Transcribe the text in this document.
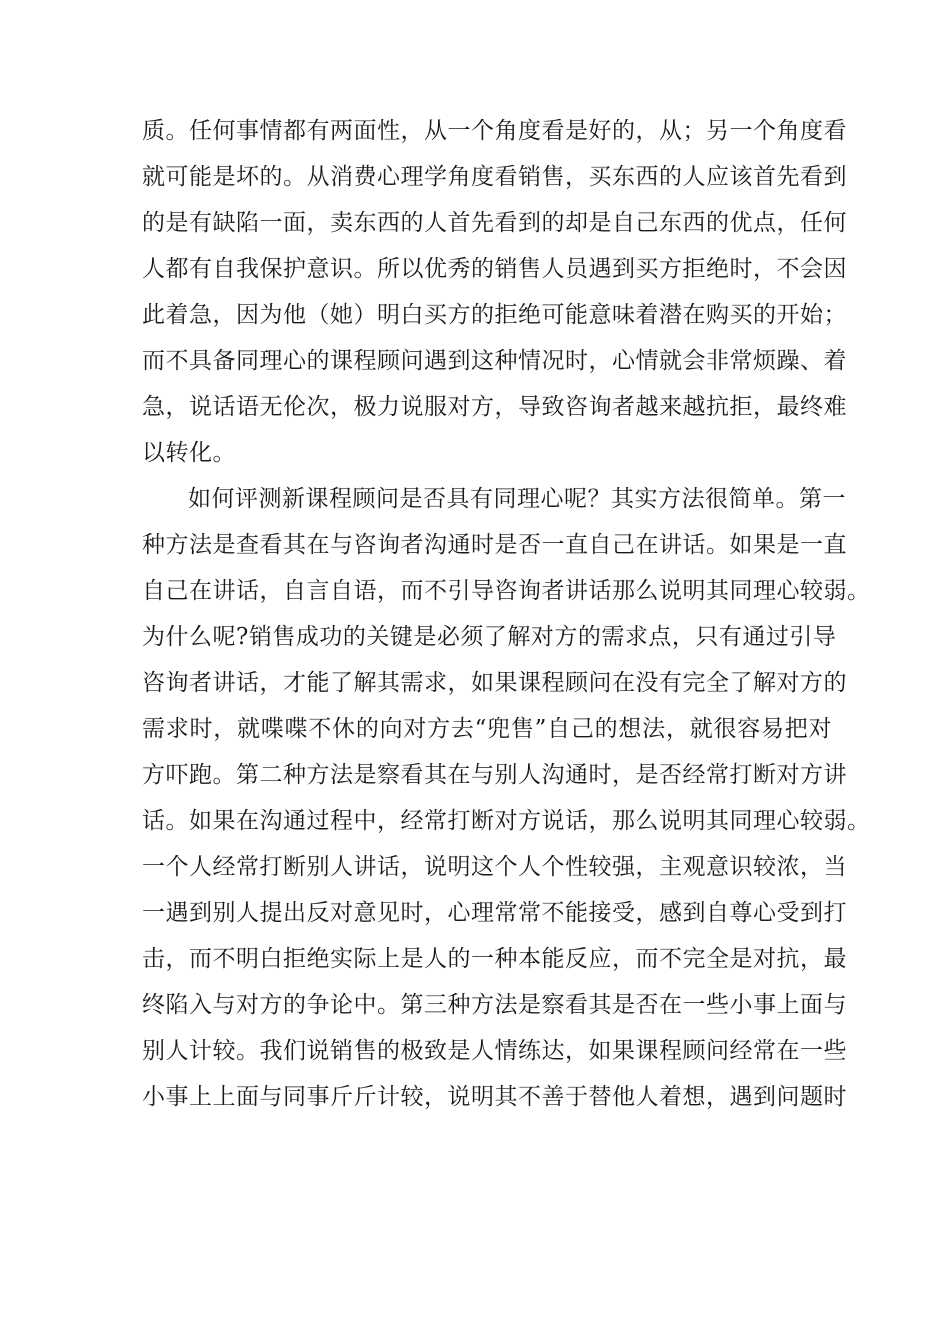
质。任何事情都有两面性，从一个角度看是好的，从；另一个角度看
就可能是坏的。从消费心理学角度看销售，买东西的人应该首先看到
的是有缺陷一面，卖东西的人首先看到的却是自己东西的优点，任何
人都有自我保护意识。所以优秀的销售人员遇到买方拒绝时，不会因
此着急，因为他（她）明白买方的拒绝可能意味着潜在购买的开始；
而不具备同理心的课程顾问遇到这种情况时，心情就会非常烦躁、着
急，说话语无伦次，极力说服对方，导致咨询者越来越抗拒，最终难
以转化。
如何评测新课程顾问是否具有同理心呢？其实方法很简单。第一
种方法是查看其在与咨询者沟通时是否一直自己在讲话。如果是一直
自己在讲话，自言自语，而不引导咨询者讲话那么说明其同理心较弱。
为什么呢?销售成功的关键是必须了解对方的需求点，只有通过引导
咨询者讲话，才能了解其需求，如果课程顾问在没有完全了解对方的
需求时，就喋喋不休的向对方去“兜售”自己的想法，就很容易把对
方吓跑。第二种方法是察看其在与别人沟通时，是否经常打断对方讲
话。如果在沟通过程中，经常打断对方说话，那么说明其同理心较弱。
一个人经常打断别人讲话，说明这个人个性较强，主观意识较浓，当
一遇到别人提出反对意见时，心理常常不能接受，感到自尊心受到打
击，而不明白拒绝实际上是人的一种本能反应，而不完全是对抗，最
终陷入与对方的争论中。第三种方法是察看其是否在一些小事上面与
别人计较。我们说销售的极致是人情练达，如果课程顾问经常在一些
小事上上面与同事斤斤计较，说明其不善于替他人着想，遇到问题时
